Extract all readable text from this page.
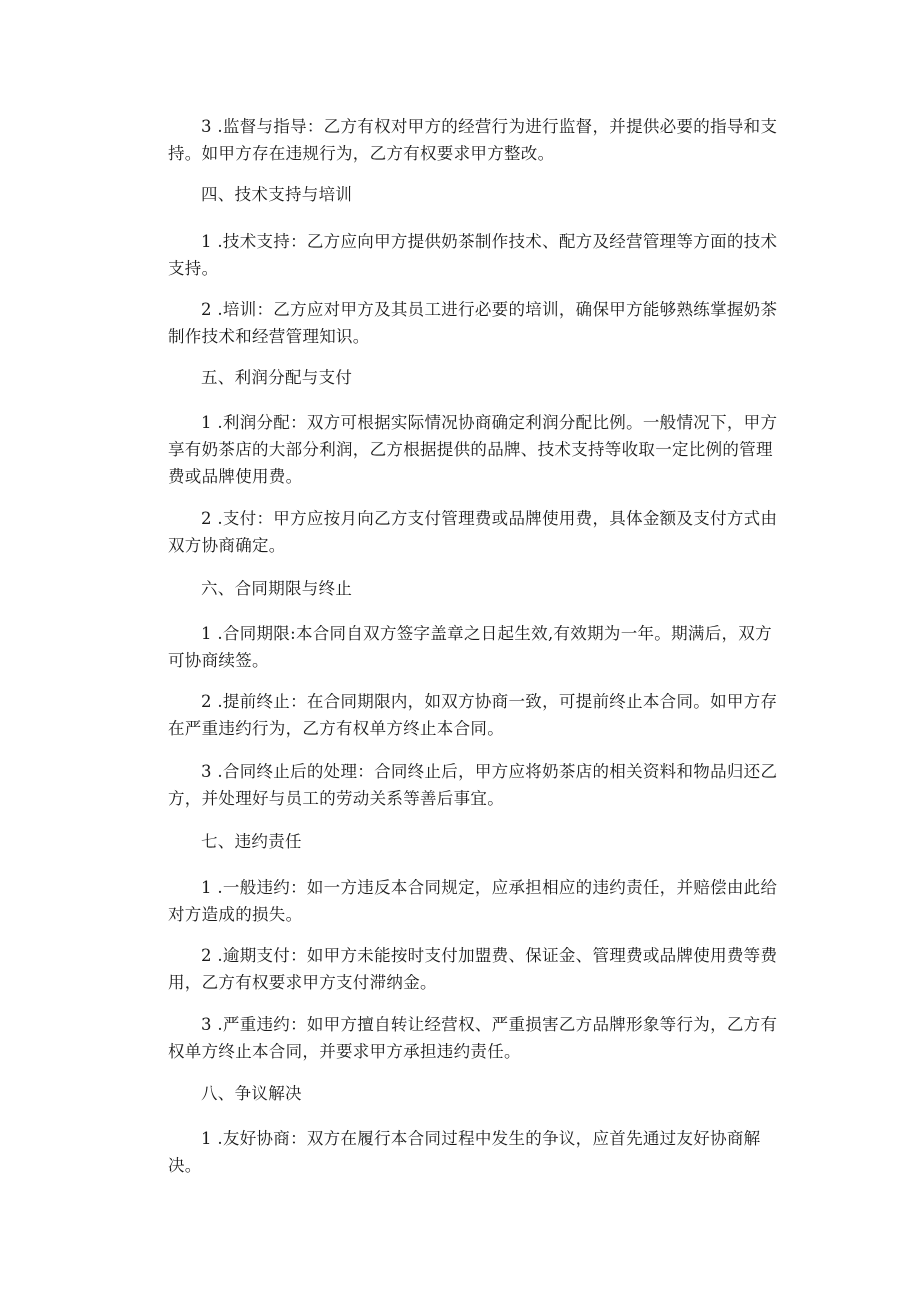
3 .监督与指导：乙方有权对甲方的经营行为进行监督，并提供必要的指导和支持。如甲方存在违规行为，乙方有权要求甲方整改。

四、技术支持与培训

1 .技术支持：乙方应向甲方提供奶茶制作技术、配方及经营管理等方面的技术支持。

2 .培训：乙方应对甲方及其员工进行必要的培训，确保甲方能够熟练掌握奶茶制作技术和经营管理知识。

五、利润分配与支付

1 .利润分配：双方可根据实际情况协商确定利润分配比例。一般情况下，甲方享有奶茶店的大部分利润，乙方根据提供的品牌、技术支持等收取一定比例的管理费或品牌使用费。

2 .支付：甲方应按月向乙方支付管理费或品牌使用费，具体金额及支付方式由双方协商确定。

六、合同期限与终止

1 .合同期限:本合同自双方签字盖章之日起生效,有效期为一年。期满后，双方可协商续签。

2 .提前终止：在合同期限内，如双方协商一致，可提前终止本合同。如甲方存在严重违约行为，乙方有权单方终止本合同。

3 .合同终止后的处理：合同终止后，甲方应将奶茶店的相关资料和物品归还乙方，并处理好与员工的劳动关系等善后事宜。

七、违约责任

1 .一般违约：如一方违反本合同规定，应承担相应的违约责任，并赔偿由此给对方造成的损失。

2 .逾期支付：如甲方未能按时支付加盟费、保证金、管理费或品牌使用费等费用，乙方有权要求甲方支付滞纳金。

3 .严重违约：如甲方擅自转让经营权、严重损害乙方品牌形象等行为，乙方有权单方终止本合同，并要求甲方承担违约责任。

八、争议解决

1 .友好协商：双方在履行本合同过程中发生的争议，应首先通过友好协商解决。
